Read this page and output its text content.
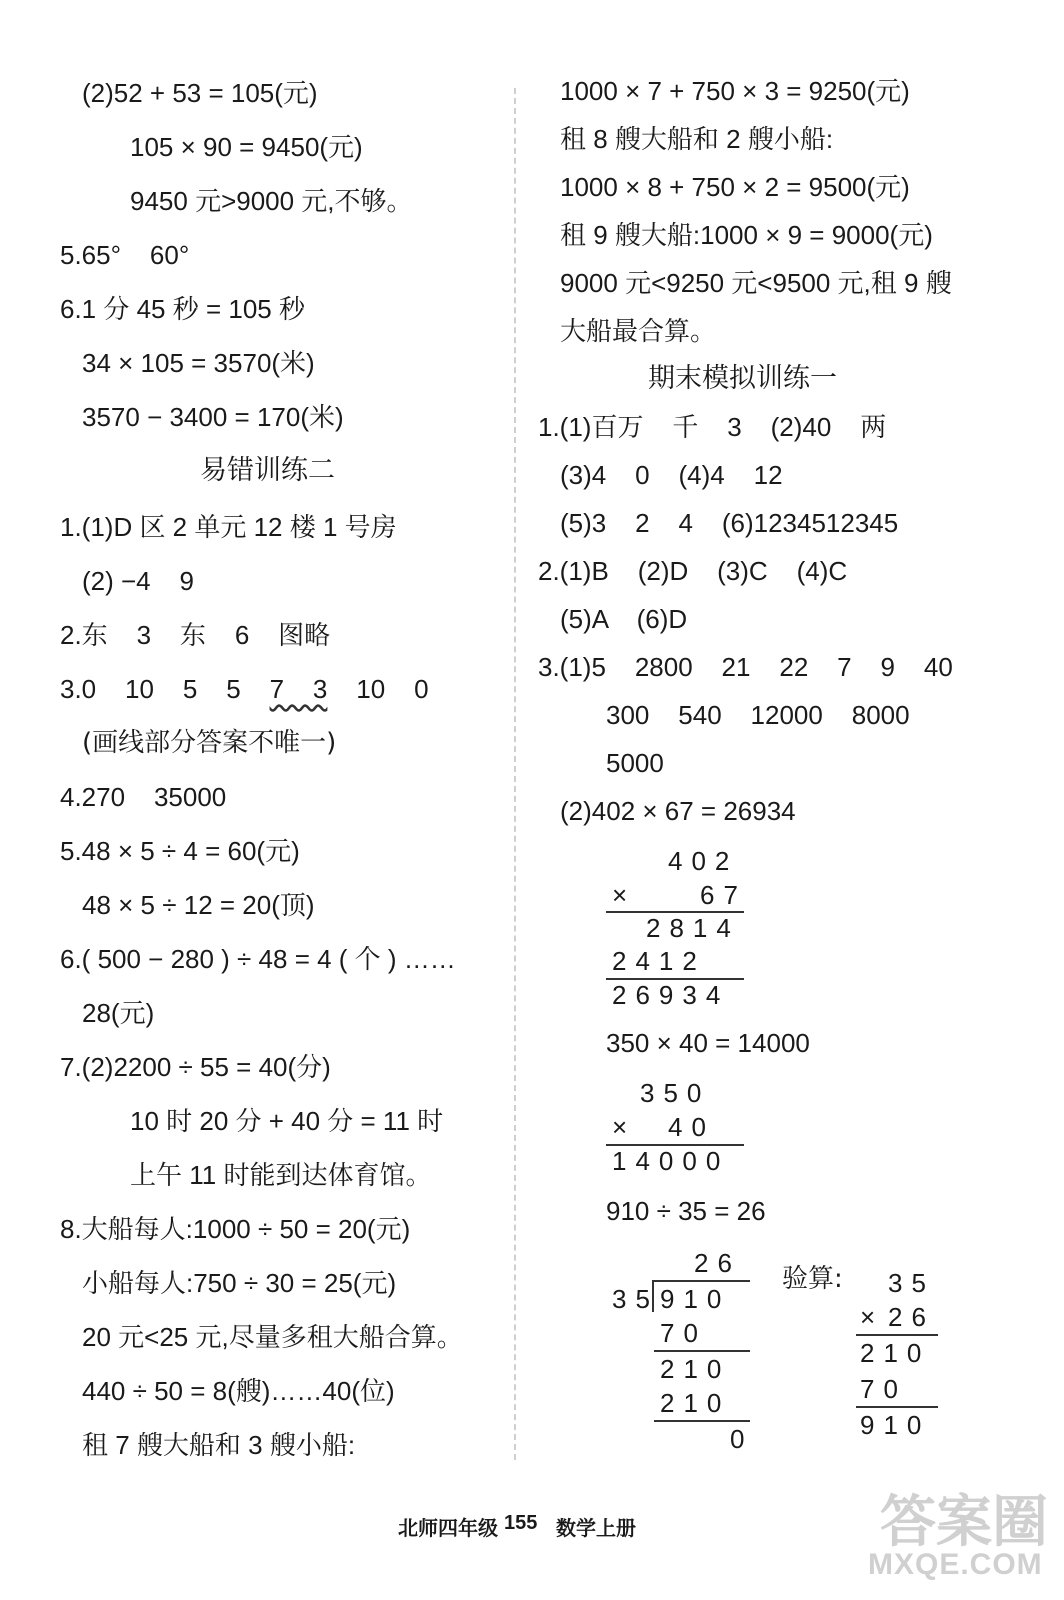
(2)52 + 53 = 105(元)
105 × 90 = 9450(元)
9450 元>9000 元,不够。
5.65°    60°
6.1 分 45 秒 = 105 秒
34 × 105 = 3570(米)
3570 − 3400 = 170(米)
易错训练二
1.(1)D 区 2 单元 12 楼 1 号房
(2) −4    9
2.东    3    东    6    图略
3.0    10    5    5    7    3    10    0
(画线部分答案不唯一)
4.270    35000
5.48 × 5 ÷ 4 = 60(元)
48 × 5 ÷ 12 = 20(顶)
6.( 500 − 280 ) ÷ 48 = 4 ( 个 ) ……
28(元)
7.(2)2200 ÷ 55 = 40(分)
10 时 20 分 + 40 分 = 11 时
上午 11 时能到达体育馆。
8.大船每人:1000 ÷ 50 = 20(元)
小船每人:750 ÷ 30 = 25(元)
20 元<25 元,尽量多租大船合算。
440 ÷ 50 = 8(艘)……40(位)
租 7 艘大船和 3 艘小船:
1000 × 7 + 750 × 3 = 9250(元)
租 8 艘大船和 2 艘小船:
1000 × 8 + 750 × 2 = 9500(元)
租 9 艘大船:1000 × 9 = 9000(元)
9000 元<9250 元<9500 元,租 9 艘
大船最合算。
期末模拟训练一
1.(1)百万    千    3    (2)40    两
(3)4    0    (4)4    12
(5)3    2    4    (6)1234512345
2.(1)B    (2)D    (3)C    (4)C
(5)A    (6)D
3.(1)5    2800    21    22    7    9    40
300    540    12000    8000
5000
(2)402 × 67 = 26934
402
× 67
2814
2412
26934
350 × 40 = 14000
350
× 40
14000
910 ÷ 35 = 26
26
35 910
70
210
210
0
验算: 35
× 26
210
70
910
北师四年级 155 数学上册	答案圈
MXQE.COM
